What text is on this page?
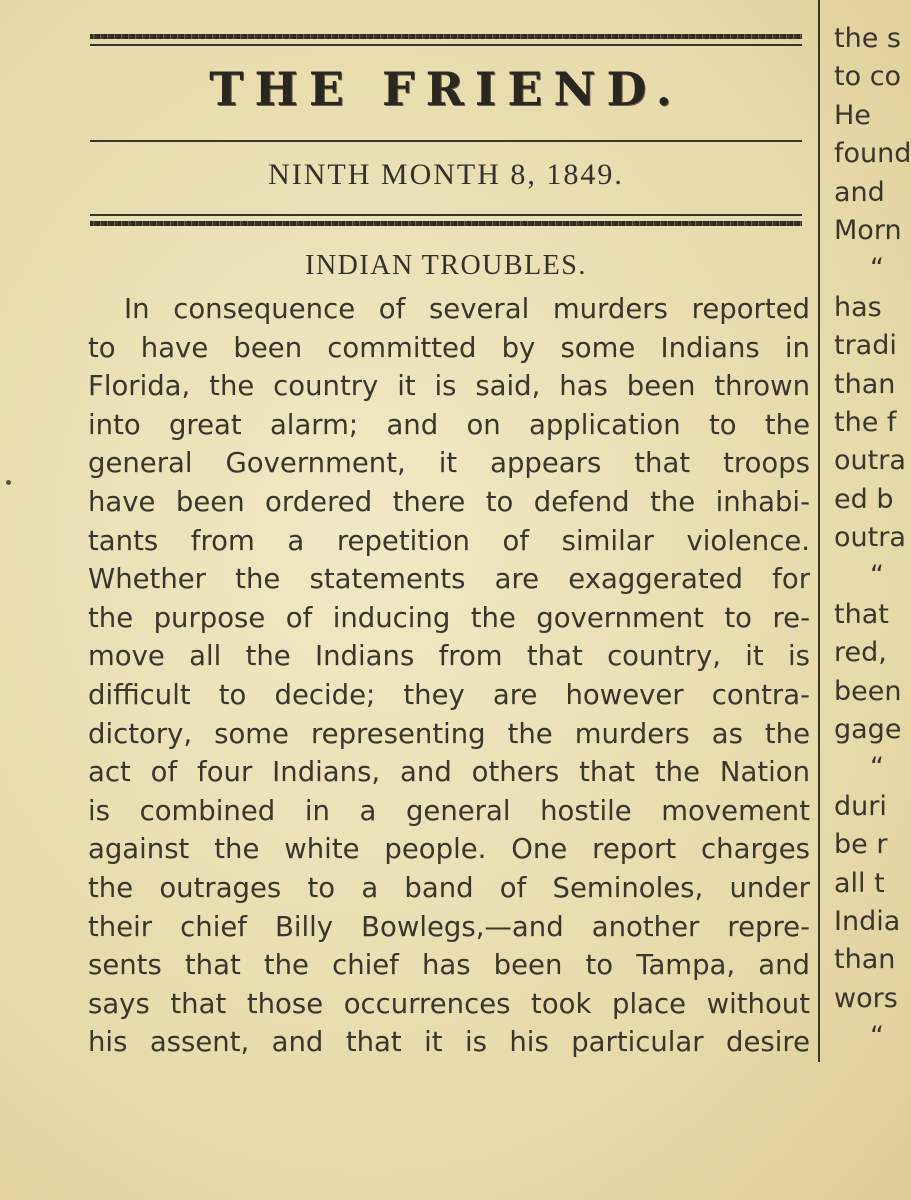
THE FRIEND.
NINTH MONTH 8, 1849.
INDIAN TROUBLES.
In consequence of several murders reported
to have been committed by some Indians in
Florida, the country it is said, has been thrown
into great alarm; and on application to the
general Government, it appears that troops
have been ordered there to defend the inhabi-
tants from a repetition of similar violence.
Whether the statements are exaggerated for
the purpose of inducing the government to re-
move all the Indians from that country, it is
difficult to decide; they are however contra-
dictory, some representing the murders as the
act of four Indians, and others that the Nation
is combined in a general hostile movement
against the white people. One report charges
the outrages to a band of Seminoles, under
their chief Billy Bowlegs,—and another repre-
sents that the chief has been to Tampa, and
says that those occurrences took place without
his assent, and that it is his particular desire
the s
to co
He
found
and
Morn
“
has
tradi
than
the f
outra
ed b
outra
“
that
red,
been
gage
“
duri
be r
all t
India
than
wors
“
